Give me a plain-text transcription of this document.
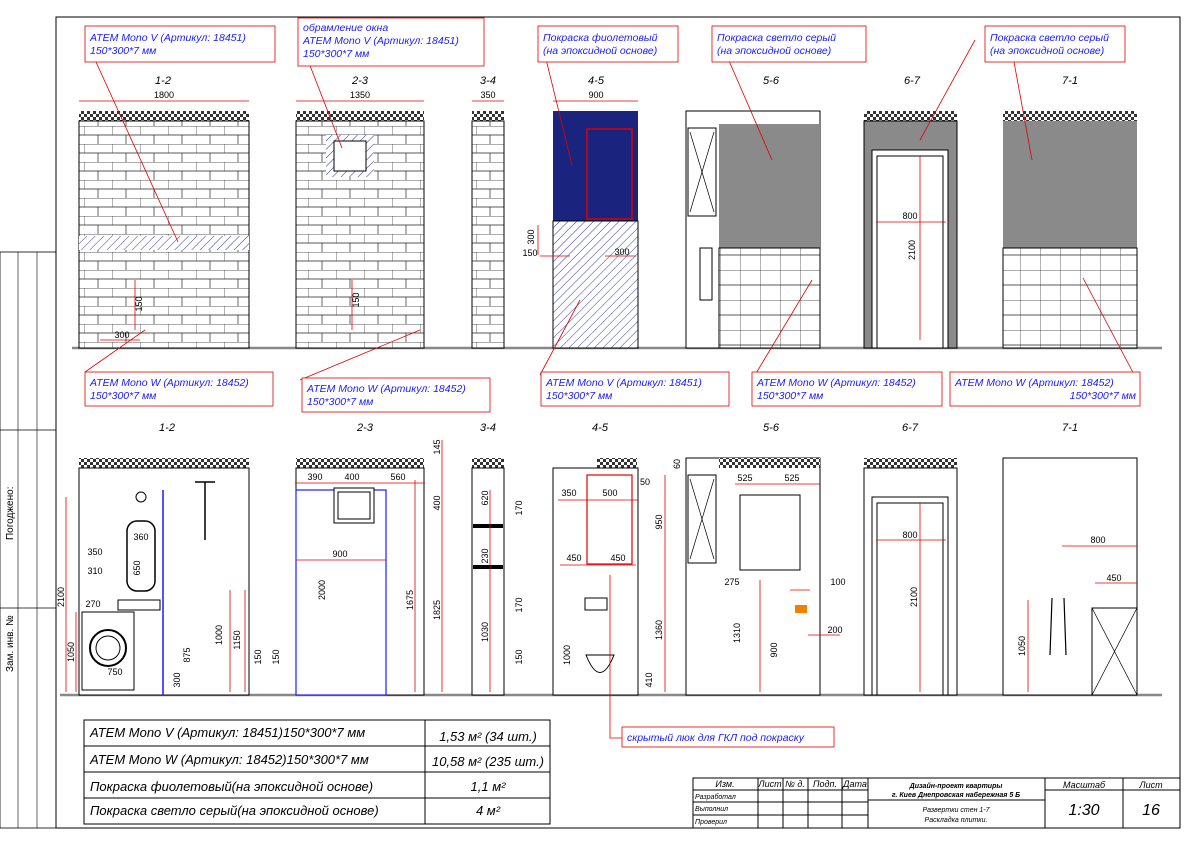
Погоджено:
Зам. инв. №
1-2	2-3	3-4	4-5	5-6	6-7	7-1
1800	1350	350	900
150
300
150
300
150	300
800
2100
ATEM Mono V (Артикул: 18451)
150*300*7 мм
обрамление окна
ATEM Mono V (Артикул: 18451)
150*300*7 мм
Покраска фиолетовый
(на эпоксидной основе)
Покраска светло серый
(на эпоксидной основе)
Покраска светло серый
(на эпоксидной основе)
ATEM Mono W (Артикул: 18452)
150*300*7 мм
ATEM Mono W (Артикул: 18452)
150*300*7 мм
ATEM Mono V (Артикул: 18451)
150*300*7 мм
ATEM Mono W (Артикул: 18452)
150*300*7 мм
ATEM Mono W (Артикул: 18452)
150*300*7 мм
1-2	2-3	3-4	4-5	5-6	6-7	7-1
2100
1050
350
310
270
360
650
750
1000 1150
875
300
150 150
390 400	560
900
2000	1675
145
400
1825
620
230
1030
170
170
150
350	500
50
60
450	450
950
1360
1000
410
525	525
275
1310
900
100
200
800
2100
800
450
1050
скрытый люк для ГКЛ под покраску
ATEM Mono V (Артикул: 18451)150*300*7 мм	1,53 м² (34 шт.)
ATEM Mono W (Артикул: 18452)150*300*7 мм	10,58 м² (235 шт.)
Покраска фиолетовый(на эпоксидной основе)	1,1 м²
Покраска светло серый(на эпоксидной основе)	4 м²
Изм.	Лист № д. Подп. Дата
Разработал
Выполнил
Проверил
Дизайн-проект квартиры
г. Киев Днепровская набережная 5 Б
Развертки стен 1-7
Раскладка плитки.
Масштаб
1:30
Лист
16
